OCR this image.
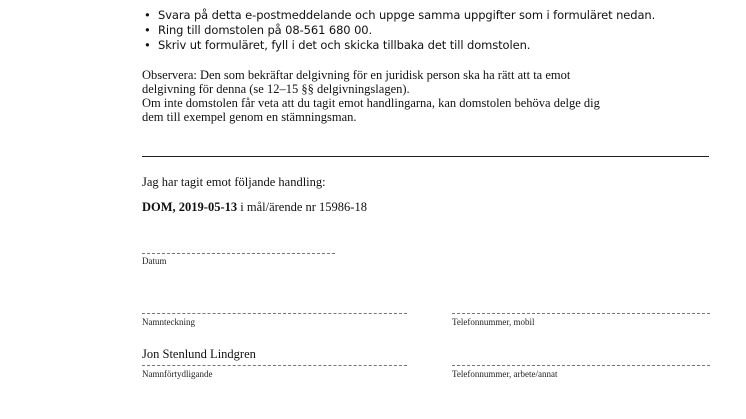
• Svara på detta e-postmeddelande och uppge samma uppgifter som i formuläret nedan.
• Ring till domstolen på 08-561 680 00.
• Skriv ut formuläret, fyll i det och skicka tillbaka det till domstolen.
Observera: Den som bekräftar delgivning för en juridisk person ska ha rätt att ta emot
delgivning för denna (se 12–15 §§ delgivningslagen).
Om inte domstolen får veta att du tagit emot handlingarna, kan domstolen behöva delge dig
dem till exempel genom en stämningsman.
Jag har tagit emot följande handling:
DOM, 2019-05-13 i mål/ärende nr 15986-18
Datum
Namnteckning	Telefonnummer, mobil
Jon Stenlund Lindgren
Namnförtydligande	Telefonnummer, arbete/annat
